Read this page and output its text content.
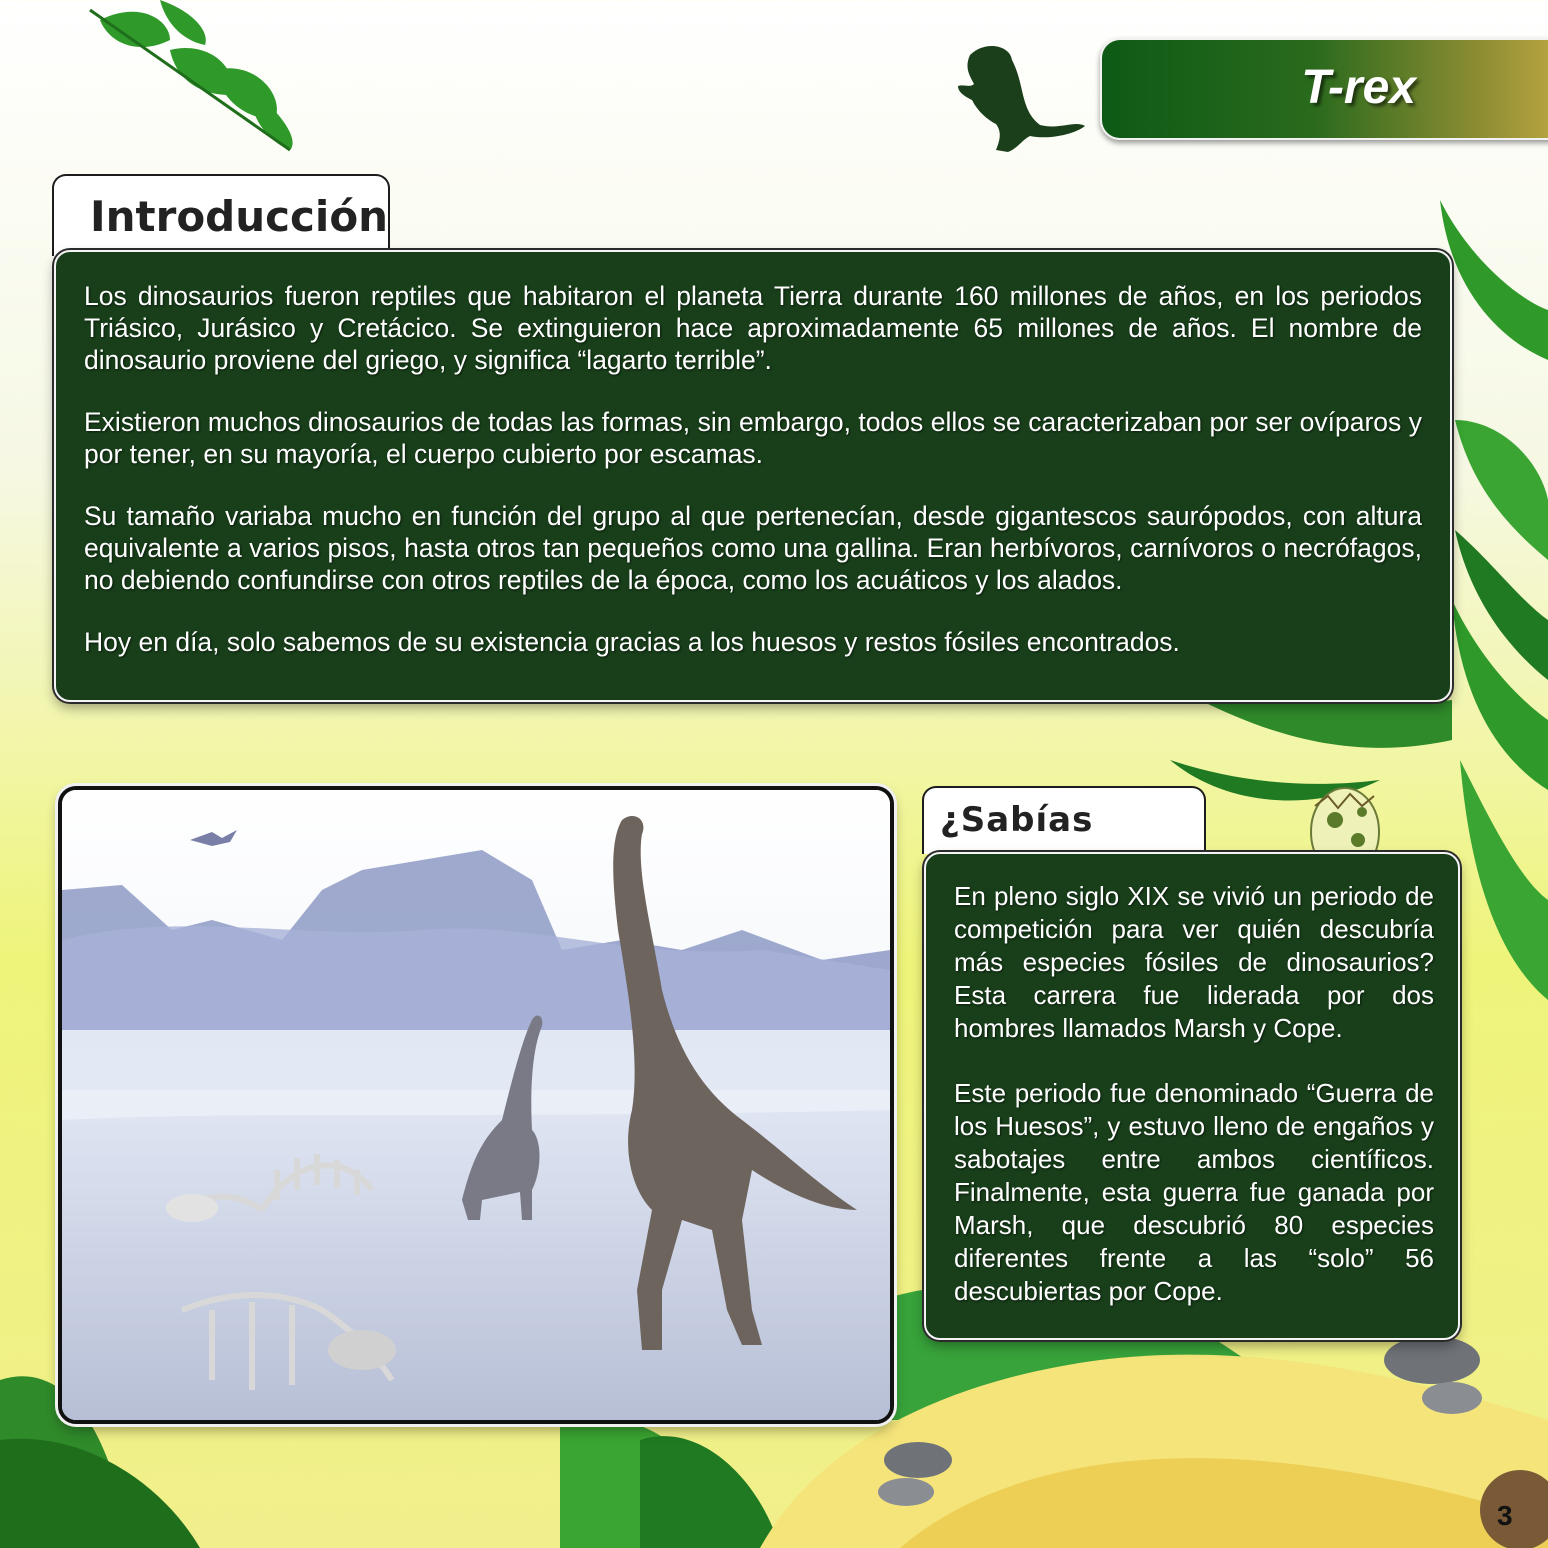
T-rex
Introducción

Los dinosaurios fueron reptiles que habitaron el planeta Tierra durante 160 millones de años, en los periodos Triásico, Jurásico y Cretácico. Se extinguieron hace aproximadamente 65 millones de años. El nombre de dinosaurio proviene del griego, y significa “lagarto terrible”.

Existieron muchos dinosaurios de todas las formas, sin embargo, todos ellos se caracterizaban por ser ovíparos y por tener, en su mayoría, el cuerpo cubierto por escamas.

Su tamaño variaba mucho en función del grupo al que pertenecían, desde gigantescos saurópodos, con altura equivalente a varios pisos, hasta otros tan pequeños como una gallina. Eran herbívoros, carnívoros o necrófagos, no debiendo confundirse con otros reptiles de la época, como los acuáticos y los alados.

Hoy en día, solo sabemos de su existencia gracias a los huesos y restos fósiles encontrados.

¿Sabías

En pleno siglo XIX se vivió un periodo de competición para ver quién descubría más especies fósiles de dinosaurios? Esta carrera fue liderada por dos hombres llamados Marsh y Cope.

Este periodo fue denominado “Guerra de los Huesos”, y estuvo lleno de engaños y sabotajes entre ambos científicos. Finalmente, esta guerra fue ganada por Marsh, que descubrió 80 especies diferentes frente a las “solo” 56 descubiertas por Cope.

3
